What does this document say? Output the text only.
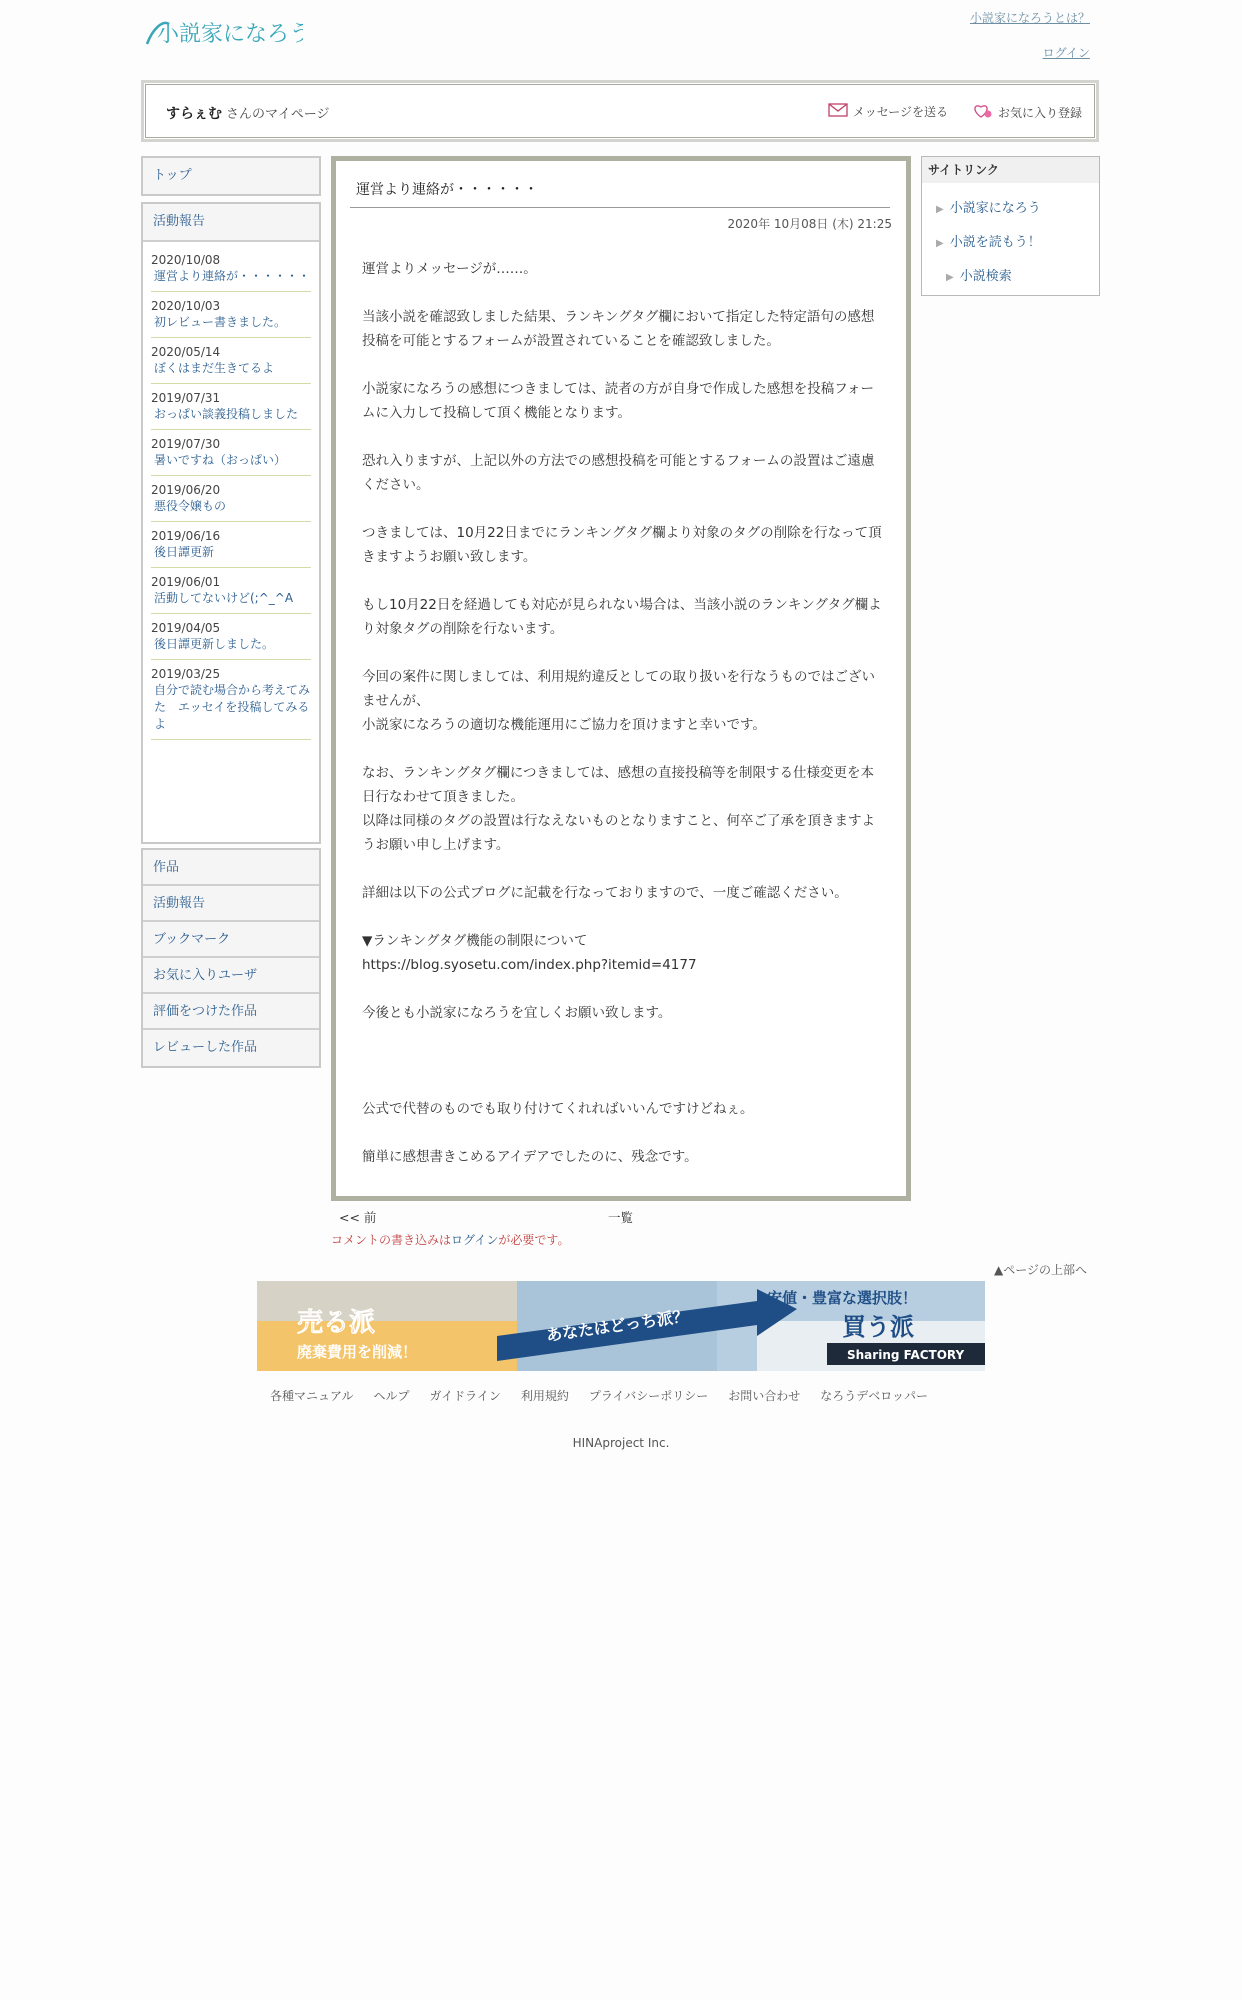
小説家になろう
小説家になろうとは？
ログイン
すらぇむ さんのマイページ	メッセージを送る	お気に入り登録
トップ
活動報告
2020/10/08
運営より連絡が・・・・・・
2020/10/03
初レビュー書きました。
2020/05/14
ぼくはまだ生きてるよ
2019/07/31
おっぱい談義投稿しました
2019/07/30
暑いですね（おっぱい）
2019/06/20
悪役令嬢もの
2019/06/16
後日譚更新
2019/06/01
活動してないけど(;^_^A
2019/04/05
後日譚更新しました。
2019/03/25
自分で読む場合から考えてみた　エッセイを投稿してみるよ
作品
活動報告
ブックマーク
お気に入りユーザ
評価をつけた作品
レビューした作品
運営より連絡が・・・・・・
2020年 10月08日 (木) 21:25
運営よりメッセージが……。

当該小説を確認致しました結果、ランキングタグ欄において指定した特定語句の感想投稿を可能とするフォームが設置されていることを確認致しました。

小説家になろうの感想につきましては、読者の方が自身で作成した感想を投稿フォームに入力して投稿して頂く機能となります。

恐れ入りますが、上記以外の方法での感想投稿を可能とするフォームの設置はご遠慮ください。

つきましては、10月22日までにランキングタグ欄より対象のタグの削除を行なって頂きますようお願い致します。

もし10月22日を経過しても対応が見られない場合は、当該小説のランキングタグ欄より対象タグの削除を行ないます。

今回の案件に関しましては、利用規約違反としての取り扱いを行なうものではございませんが、
小説家になろうの適切な機能運用にご協力を頂けますと幸いです。

なお、ランキングタグ欄につきましては、感想の直接投稿等を制限する仕様変更を本日行なわせて頂きました。
以降は同様のタグの設置は行なえないものとなりますこと、何卒ご了承を頂きますようお願い申し上げます。

詳細は以下の公式ブログに記載を行なっておりますので、一度ご確認ください。

▼ランキングタグ機能の制限について
https://blog.syosetu.com/index.php?itemid=4177

今後とも小説家になろうを宜しくお願い致します。

公式で代替のものでも取り付けてくれればいいんですけどねぇ。

簡単に感想書きこめるアイデアでしたのに、残念です。
<< 前	一覧
コメントの書き込みはログインが必要です。
サイトリンク
▶ 小説家になろう
▶ 小説を読もう！
▶ 小説検索
▲ページの上部へ
売る派
廃棄費用を削減！
あなたはどっち派？
安値・豊富な選択肢！
買う派
Sharing FACTORY
各種マニュアル ヘルプ ガイドライン 利用規約 プライバシーポリシー お問い合わせ なろうデベロッパー
HINAproject Inc.
